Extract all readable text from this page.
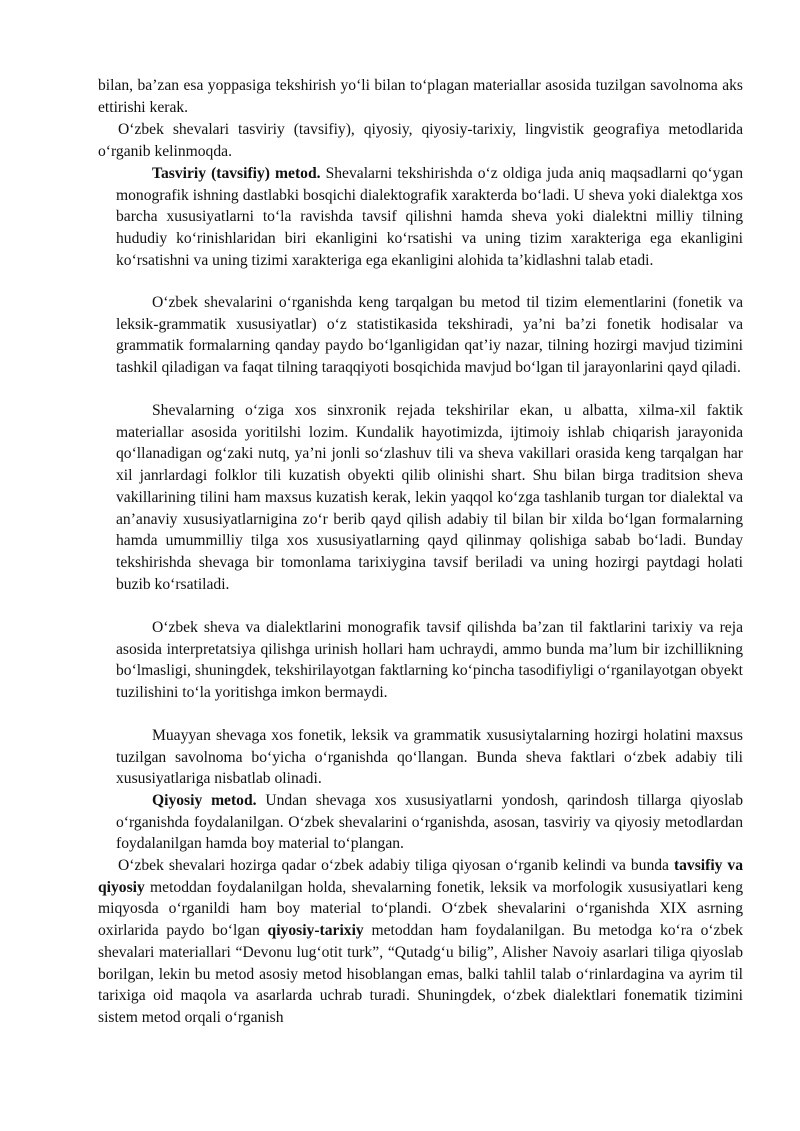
bilan, ba’zan esa yoppasiga tekshirish yo‘li bilan to‘plagan materiallar asosida tuzilgan savolnoma aks ettirishi kerak.

O‘zbek shevalari tasviriy (tavsifiy), qiyosiy, qiyosiy-tarixiy, lingvistik geografiya metodlarida o‘rganib kelinmoqda.

Tasviriy (tavsifiy) metod. Shevalarni tekshirishda o‘z oldiga juda aniq maqsadlarni qo‘ygan monografik ishning dastlabki bosqichi dialektografik xarakterda bo‘ladi. U sheva yoki dialektga xos barcha xususiyatlarni to‘la ravishda tavsif qilishni hamda sheva yoki dialektni milliy tilning hududiy ko‘rinishlaridan biri ekanligini ko‘rsatishi va uning tizim xarakteriga ega ekanligini ko‘rsatishni va uning tizimi xarakteriga ega ekanligini alohida ta’kidlashni talab etadi.

O‘zbek shevalarini o‘rganishda keng tarqalgan bu metod til tizim elementlarini (fonetik va leksik-grammatik xususiyatlar) o‘z statistikasida tekshiradi, ya’ni ba’zi fonetik hodisalar va grammatik formalarning qanday paydo bo‘lganligidan qat’iy nazar, tilning hozirgi mavjud tizimini tashkil qiladigan va faqat tilning taraqqiyoti bosqichida mavjud bo‘lgan til jarayonlarini qayd qiladi.

Shevalarning o‘ziga xos sinxronik rejada tekshirilar ekan, u albatta, xilma-xil faktik materiallar asosida yoritilshi lozim. Kundalik hayotimizda, ijtimoiy ishlab chiqarish jarayonida qo‘llanadigan og‘zaki nutq, ya’ni jonli so‘zlashuv tili va sheva vakillari orasida keng tarqalgan har xil janrlardagi folklor tili kuzatish obyekti qilib olinishi shart. Shu bilan birga traditsion sheva vakillarining tilini ham maxsus kuzatish kerak, lekin yaqqol ko‘zga tashlanib turgan tor dialektal va an’anaviy xususiyatlarnigina zo‘r berib qayd qilish adabiy til bilan bir xilda bo‘lgan formalarning hamda umummilliy tilga xos xususiyatlarning qayd qilinmay qolishiga sabab bo‘ladi. Bunday tekshirishda shevaga bir tomonlama tarixiygina tavsif beriladi va uning hozirgi paytdagi holati buzib ko‘rsatiladi.

O‘zbek sheva va dialektlarini monografik tavsif qilishda ba’zan til faktlarini tarixiy va reja asosida interpretatsiya qilishga urinish hollari ham uchraydi, ammo bunda ma’lum bir izchillikning bo‘lmasligi, shuningdek, tekshirilayotgan faktlarning ko‘pincha tasodifiyligi o‘rganilayotgan obyekt tuzilishini to‘la yoritishga imkon bermaydi.

Muayyan shevaga xos fonetik, leksik va grammatik xususiytalarning hozirgi holatini maxsus tuzilgan savolnoma bo‘yicha o‘rganishda qo‘llangan. Bunda sheva faktlari o‘zbek adabiy tili xususiyatlariga nisbatlab olinadi.

Qiyosiy metod. Undan shevaga xos xususiyatlarni yondosh, qarindosh tillarga qiyoslab o‘rganishda foydalanilgan. O‘zbek shevalarini o‘rganishda, asosan, tasviriy va qiyosiy metodlardan foydalanilgan hamda boy material to‘plangan.

O‘zbek shevalari hozirga qadar o‘zbek adabiy tiliga qiyosan o‘rganib kelindi va bunda tavsifiy va qiyosiy metoddan foydalanilgan holda, shevalarning fonetik, leksik va morfologik xususiyatlari keng miqyosda o‘rganildi ham boy material to‘plandi. O‘zbek shevalarini o‘rganishda XIX asrning oxirlarida paydo bo‘lgan qiyosiy-tarixiy metoddan ham foydalanilgan. Bu metodga ko‘ra o‘zbek shevalari materiallari “Devonu lug‘otit turk”, “Qutadg‘u bilig”, Alisher Navoiy asarlari tiliga qiyoslab borilgan, lekin bu metod asosiy metod hisoblangan emas, balki tahlil talab o‘rinlardagina va ayrim til tarixiga oid maqola va asarlarda uchrab turadi. Shuningdek, o‘zbek dialektlari fonematik tizimini sistem metod orqali o‘rganish
